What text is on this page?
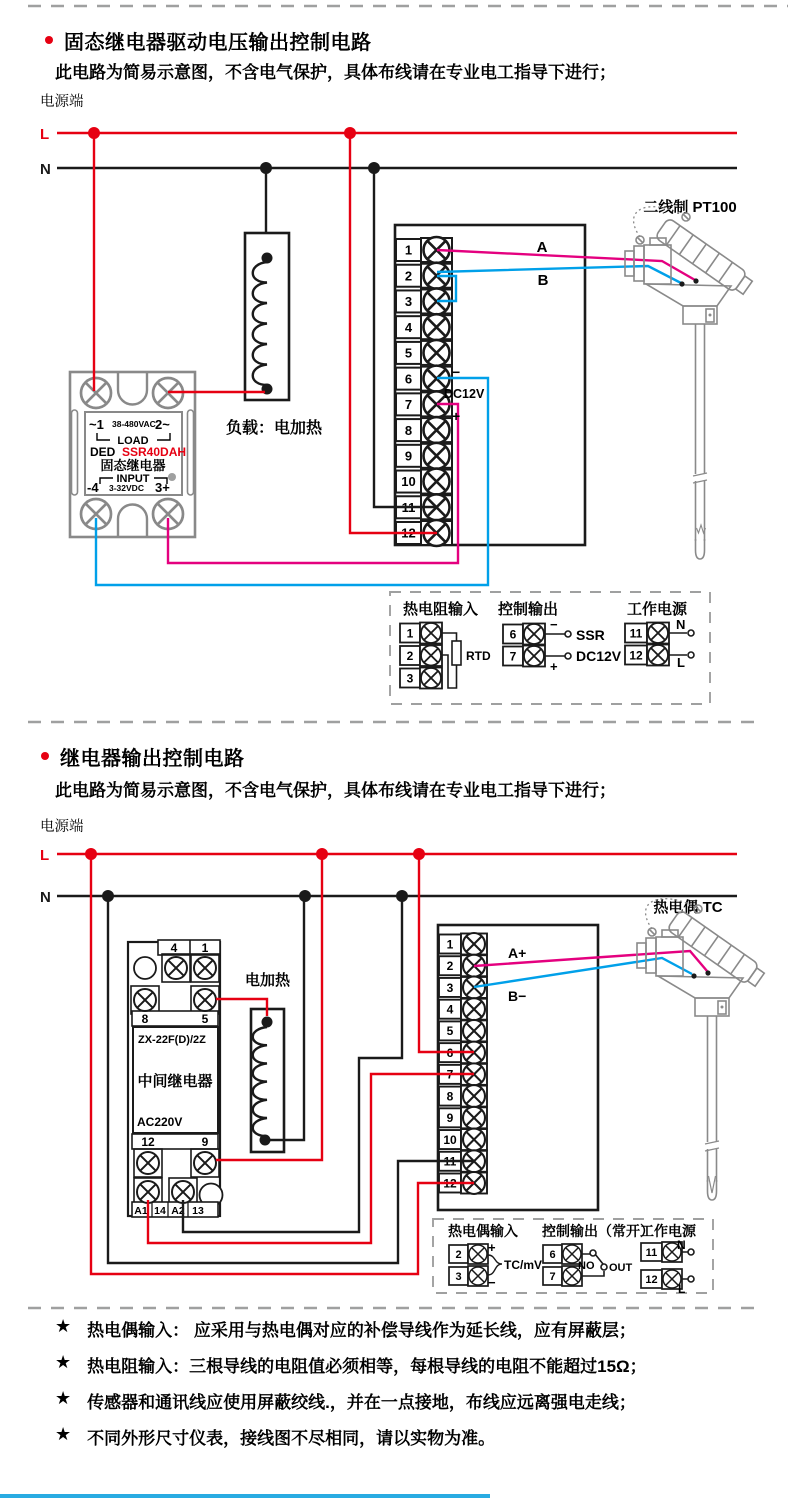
固态继电器驱动电压输出控制电路
此电路为简易示意图，不含电气保护，具体布线请在专业电工指导下进行；
继电器输出控制电路
此电路为简易示意图，不含电气保护，具体布线请在专业电工指导下进行；
★ 热电偶输入： 应采用与热电偶对应的补偿导线作为延长线，应有屏蔽层；
★ 热电阻输入：三根导线的电阻值必须相等，每根导线的电阻不能超过15Ω；
★ 传感器和通讯线应使用屏蔽绞线.，并在一点接地，布线应远离强电走线；
★ 不同外形尺寸仪表，接线图不尽相同，请以实物为准。
电源端
L
N
负载：电加热
~1 38-480VAC 2~
LOAD
DED SSR40DAH
固态继电器
INPUT
-4 3-32VDC 3+
1
2
3
4
5
6
7
8
9
10
11
12
A
B
−
DC12V
+
二线制 PT100
热电阻输入
1
2
3
RTD
控制输出
6
7
−
+
SSR
DC12V
工作电源
11
12
N
L
电源端
L
N
4 1
8	5
12	9
A1 14 A2 13
ZX-22F(D)/2Z
中间继电器
AC220V
电加热
1
2
3
4
5
6
7
8
9
10
11
12
A+
B−
热电偶 TC
热电偶输入
2
3
+
−
TC/mV
控制输出（常开）
6
7
NO OUT
工作电源
11
12
N
L
